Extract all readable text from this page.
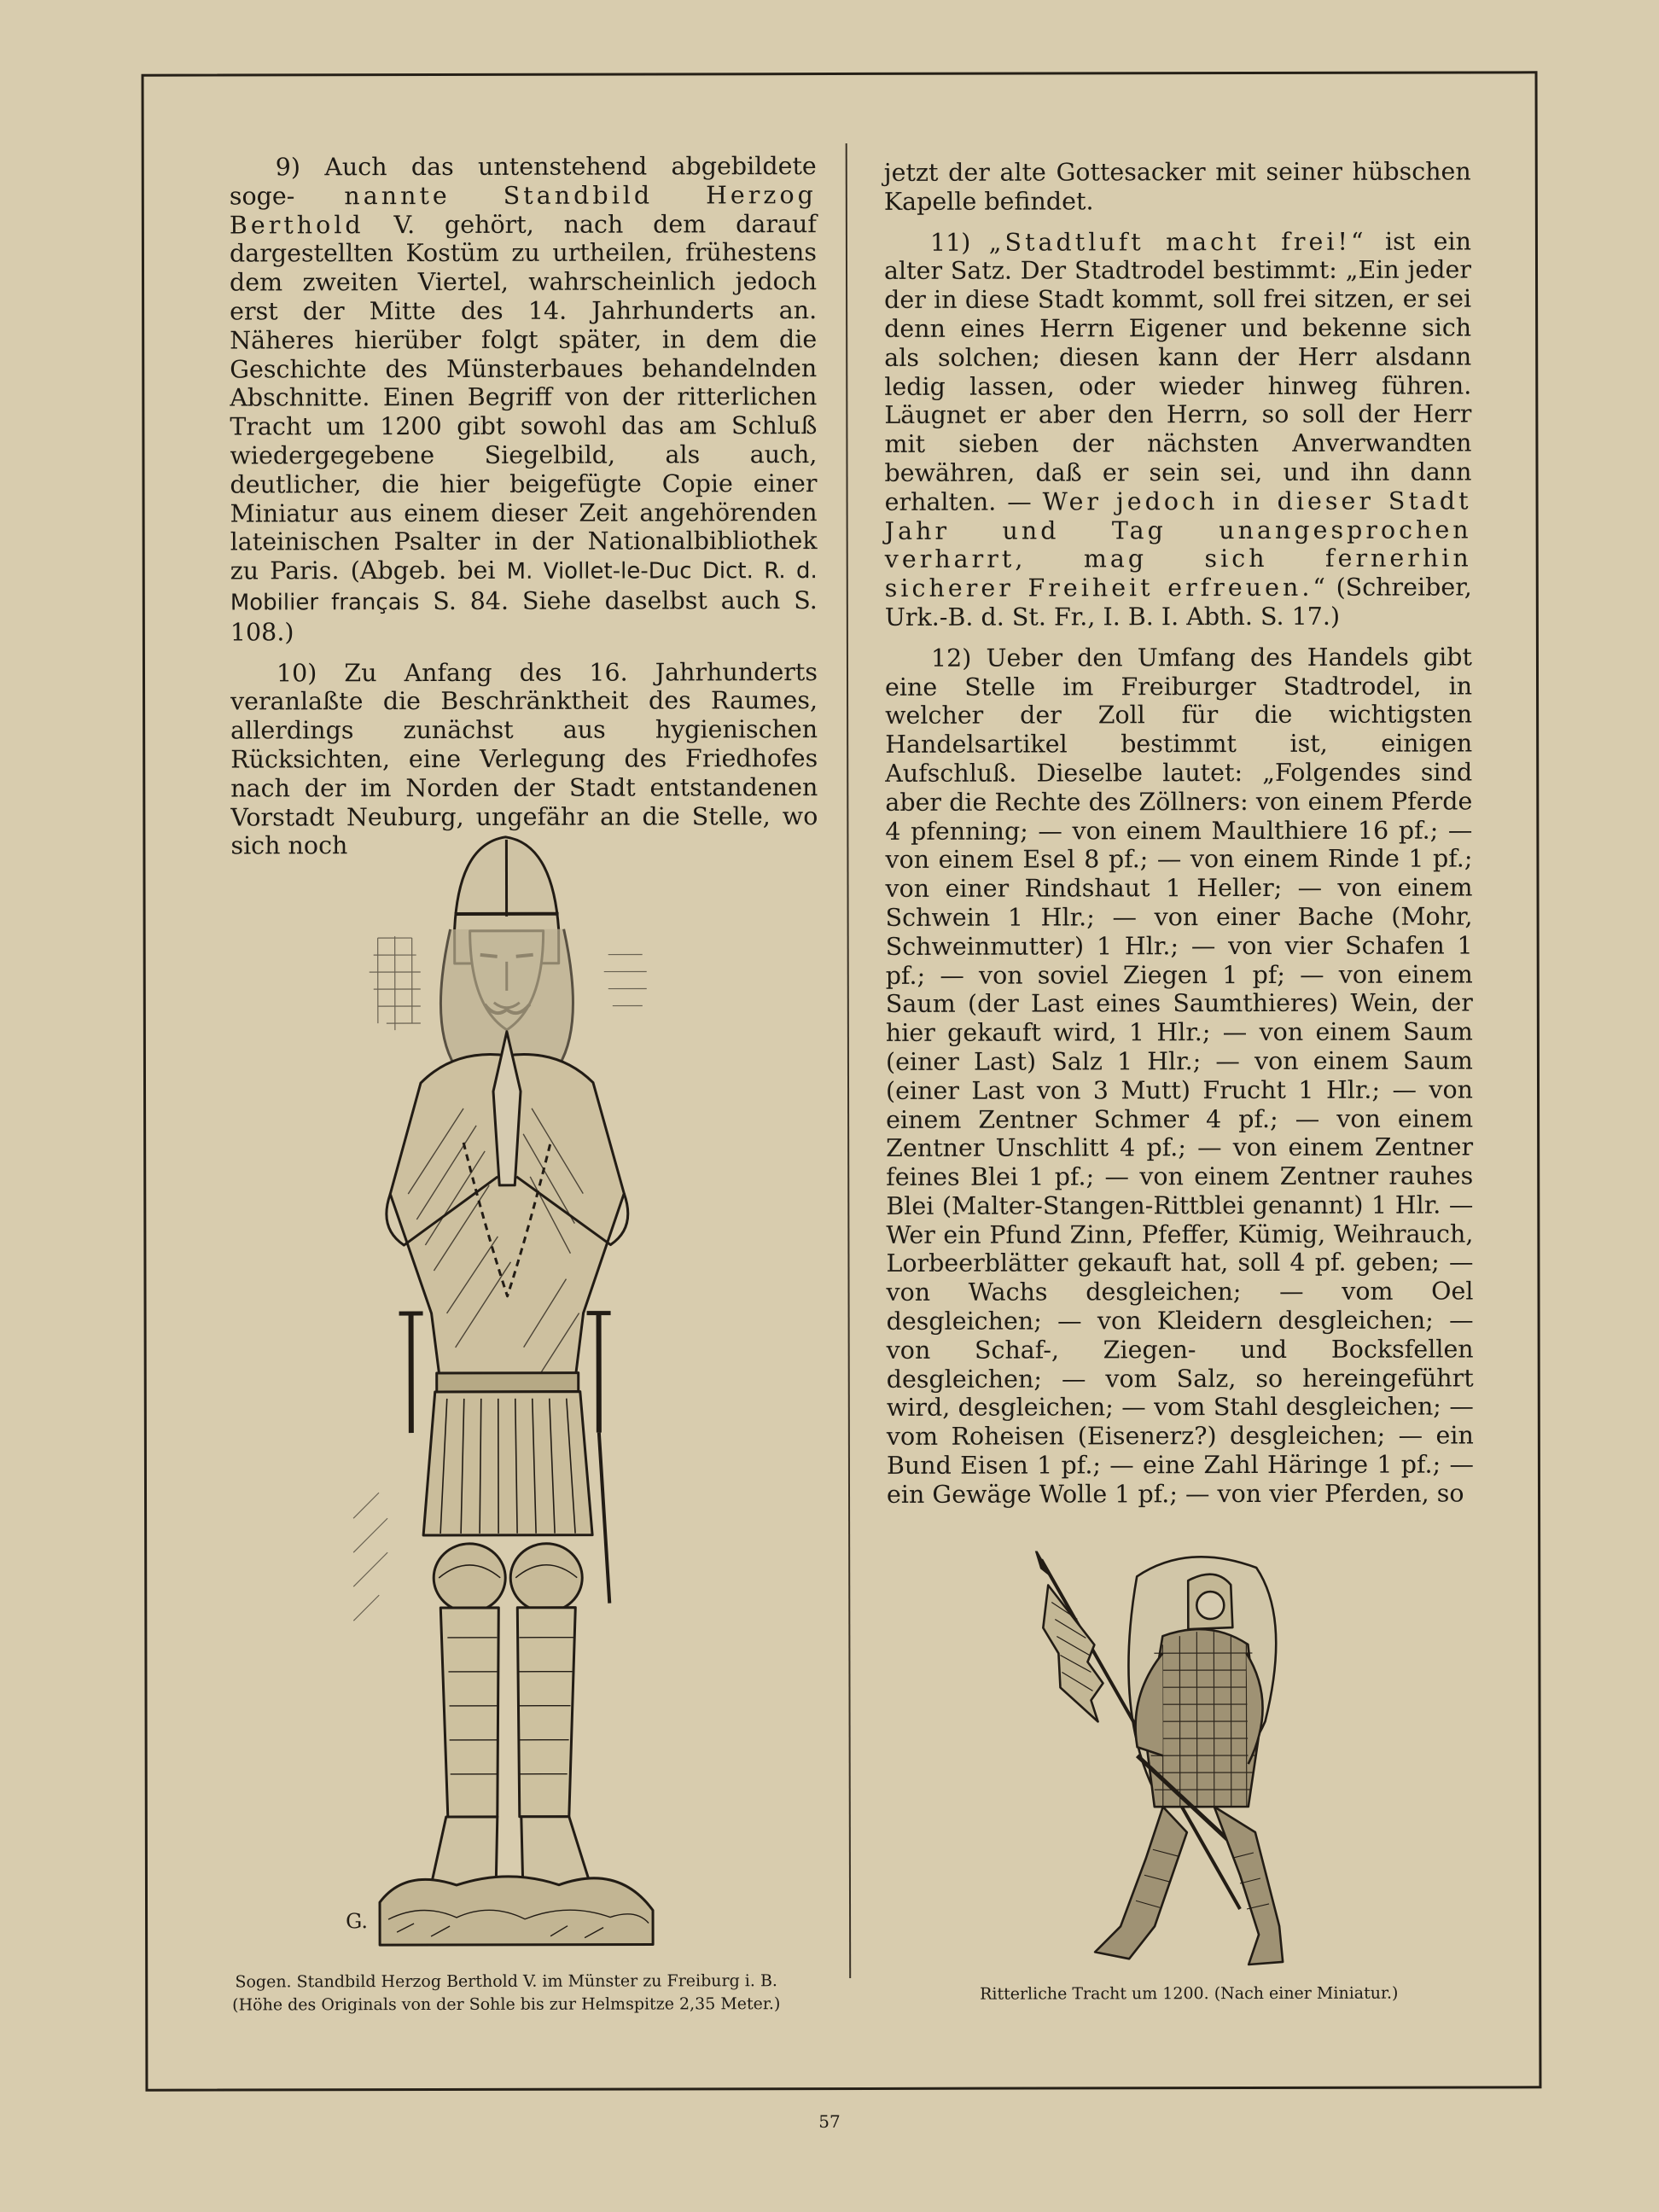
9) Auch das untenstehend abgebildete soge- nannte Standbild Herzog Berthold V. gehört, nach dem darauf dargestellten Kostüm zu urtheilen, frühestens dem zweiten Viertel, wahrscheinlich jedoch erst der Mitte des 14. Jahrhunderts an. Näheres hierüber folgt später, in dem die Geschichte des Münsterbaues behandelnden Abschnitte. Einen Begriff von der ritterlichen Tracht um 1200 gibt sowohl das am Schluß wiedergegebene Siegelbild, als auch, deutlicher, die hier beigefügte Copie einer Miniatur aus einem dieser Zeit angehörenden lateinischen Psalter in der Nationalbibliothek zu Paris. (Abgeb. bei M. Viollet-le-Duc Dict. R. d. Mobilier français S. 84. Siehe daselbst auch S. 108.)

10) Zu Anfang des 16. Jahrhunderts veranlaßte die Beschränktheit des Raumes, allerdings zunächst aus hygienischen Rücksichten, eine Verlegung des Friedhofes nach der im Norden der Stadt entstandenen Vorstadt Neuburg, ungefähr an die Stelle, wo sich noch

jetzt der alte Gottesacker mit seiner hübschen Kapelle befindet.

11) „Stadtluft macht frei!“ ist ein alter Satz. Der Stadtrodel bestimmt: „Ein jeder der in diese Stadt kommt, soll frei sitzen, er sei denn eines Herrn Eigener und bekenne sich als solchen; diesen kann der Herr alsdann ledig lassen, oder wieder hinweg führen. Läugnet er aber den Herrn, so soll der Herr mit sieben der nächsten Anverwandten bewähren, daß er sein sei, und ihn dann erhalten. — Wer jedoch in dieser Stadt Jahr und Tag unangesprochen verharrt, mag sich fernerhin sicherer Freiheit erfreuen.“ (Schreiber, Urk.-B. d. St. Fr., I. B. I. Abth. S. 17.)

12) Ueber den Umfang des Handels gibt eine Stelle im Freiburger Stadtrodel, in welcher der Zoll für die wichtigsten Handelsartikel bestimmt ist, einigen Aufschluß. Dieselbe lautet: „Folgendes sind aber die Rechte des Zöllners: von einem Pferde 4 pfenning; — von einem Maulthiere 16 pf.; — von einem Esel 8 pf.; — von einem Rinde 1 pf.; von einer Rindshaut 1 Heller; — von einem Schwein 1 Hlr.; — von einer Bache (Mohr, Schweinmutter) 1 Hlr.; — von vier Schafen 1 pf.; — von soviel Ziegen 1 pf; — von einem Saum (der Last eines Saumthieres) Wein, der hier gekauft wird, 1 Hlr.; — von einem Saum (einer Last) Salz 1 Hlr.; — von einem Saum (einer Last von 3 Mutt) Frucht 1 Hlr.; — von einem Zentner Schmer 4 pf.; — von einem Zentner Unschlitt 4 pf.; — von einem Zentner feines Blei 1 pf.; — von einem Zentner rauhes Blei (Malter-Stangen-Rittblei genannt) 1 Hlr. — Wer ein Pfund Zinn, Pfeffer, Kümig, Weihrauch, Lorbeerblätter gekauft hat, soll 4 pf. geben; — von Wachs desgleichen; — vom Oel desgleichen; — von Kleidern desgleichen; — von Schaf-, Ziegen- und Bocksfellen desgleichen; — vom Salz, so hereingeführt wird, desgleichen; — vom Stahl desgleichen; — vom Roheisen (Eisenerz?) desgleichen; — ein Bund Eisen 1 pf.; — eine Zahl Häringe 1 pf.; — ein Gewäge Wolle 1 pf.; — von vier Pferden, so

G.
Sogen. Standbild Herzog Berthold V. im Münster zu Freiburg i. B.
(Höhe des Originals von der Sohle bis zur Helmspitze 2,35 Meter.)
Ritterliche Tracht um 1200. (Nach einer Miniatur.)
57
